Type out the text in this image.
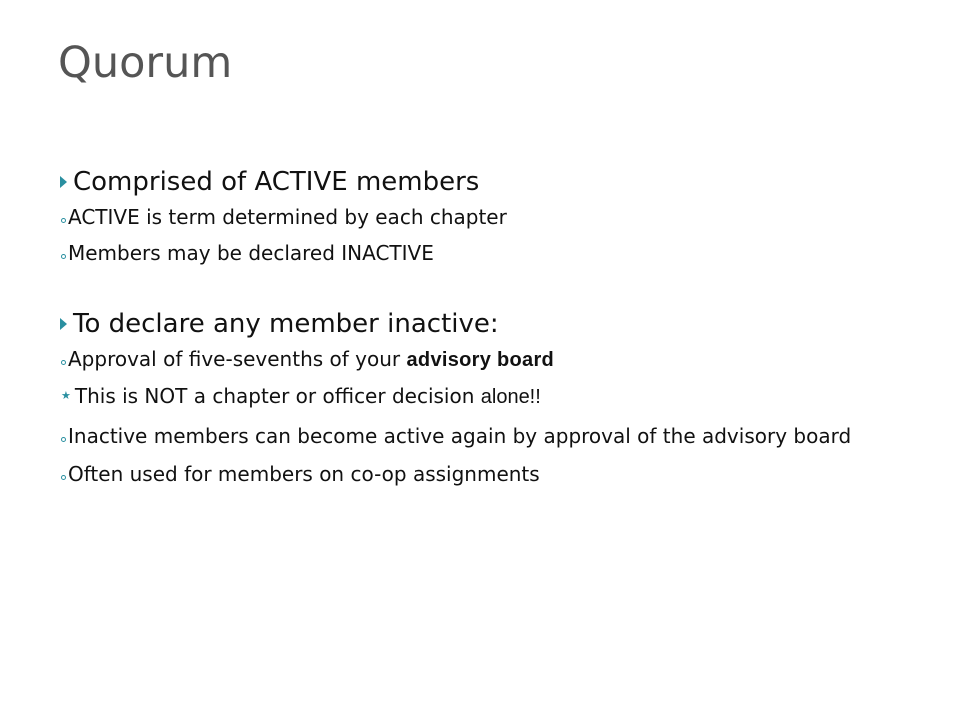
Quorum
Comprised of ACTIVE members
ACTIVE is term determined by each chapter
Members may be declared INACTIVE
To declare any member inactive:
Approval of five-sevenths of your advisory board
★ This is NOT a chapter or officer decision alone!!
Inactive members can become active again by approval of the advisory board
Often used for members on co-op assignments
